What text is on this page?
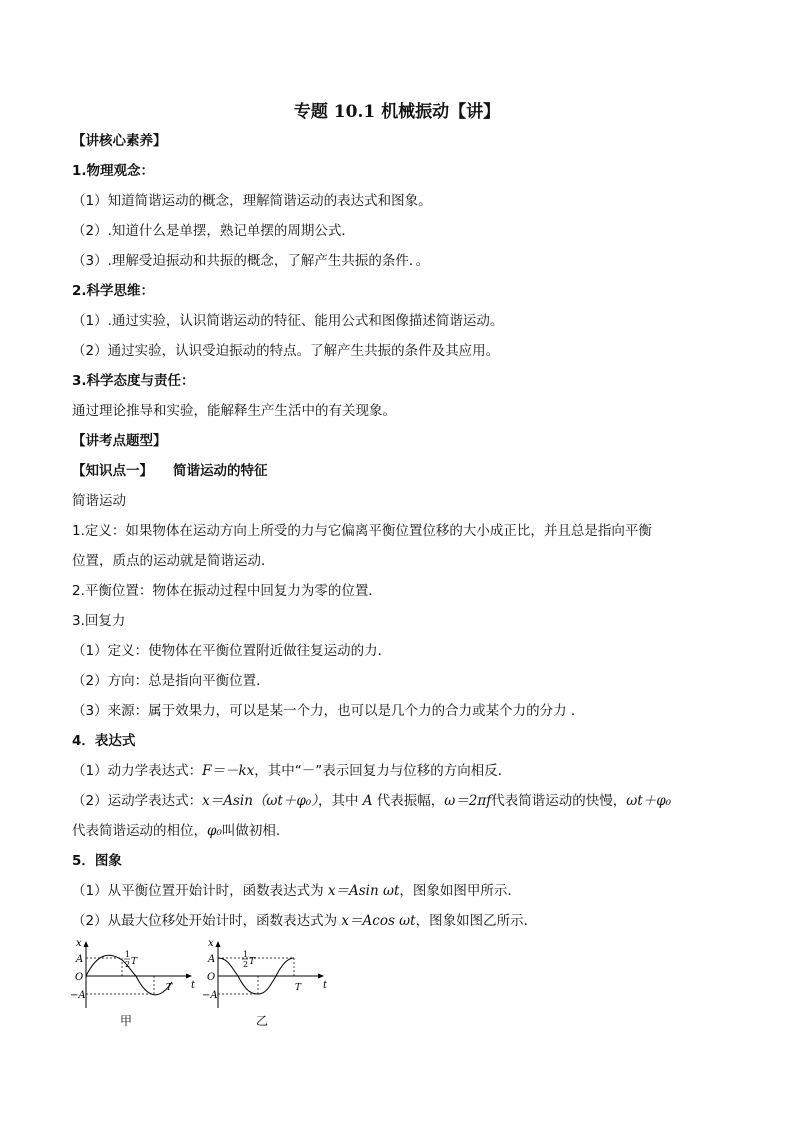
专题 10.1 机械振动【讲】
【讲核心素养】
1.物理观念：
（1）知道简谐运动的概念，理解简谐运动的表达式和图象。
（2）.知道什么是单摆，熟记单摆的周期公式．
（3）.理解受迫振动和共振的概念，了解产生共振的条件．。
2.科学思维：
（1）.通过实验，认识简谐运动的特征、能用公式和图像描述简谐运动。
（2）通过实验，认识受迫振动的特点。了解产生共振的条件及其应用。
3.科学态度与责任：
通过理论推导和实验，能解释生产生活中的有关现象。
【讲考点题型】
【知识点一】 简谐运动的特征
简谐运动
1.定义：如果物体在运动方向上所受的力与它偏离平衡位置位移的大小成正比，并且总是指向平衡
位置，质点的运动就是简谐运动．
2.平衡位置：物体在振动过程中回复力为零的位置．
3.回复力
（1）定义：使物体在平衡位置附近做往复运动的力．
（2）方向：总是指向平衡位置．
（3）来源：属于效果力，可以是某一个力，也可以是几个力的合力或某个力的分力 ．
4．表达式
（1）动力学表达式：F＝－kx，其中“－”表示回复力与位移的方向相反．
（2）运动学表达式：x＝Asin（ωt＋φ₀），其中 A 代表振幅，ω＝2πf代表简谐运动的快慢，ωt＋φ₀
代表简谐运动的相位，φ₀叫做初相．
5．图象
（1）从平衡位置开始计时，函数表达式为 x＝Asin ωt，图象如图甲所示．
（2）从最大位移处开始计时，函数表达式为 x＝Acos ωt，图象如图乙所示．
x
t
A
O
−A
1
2 T
T
甲
x
t
A
O
−A
1
2 T
T
乙
